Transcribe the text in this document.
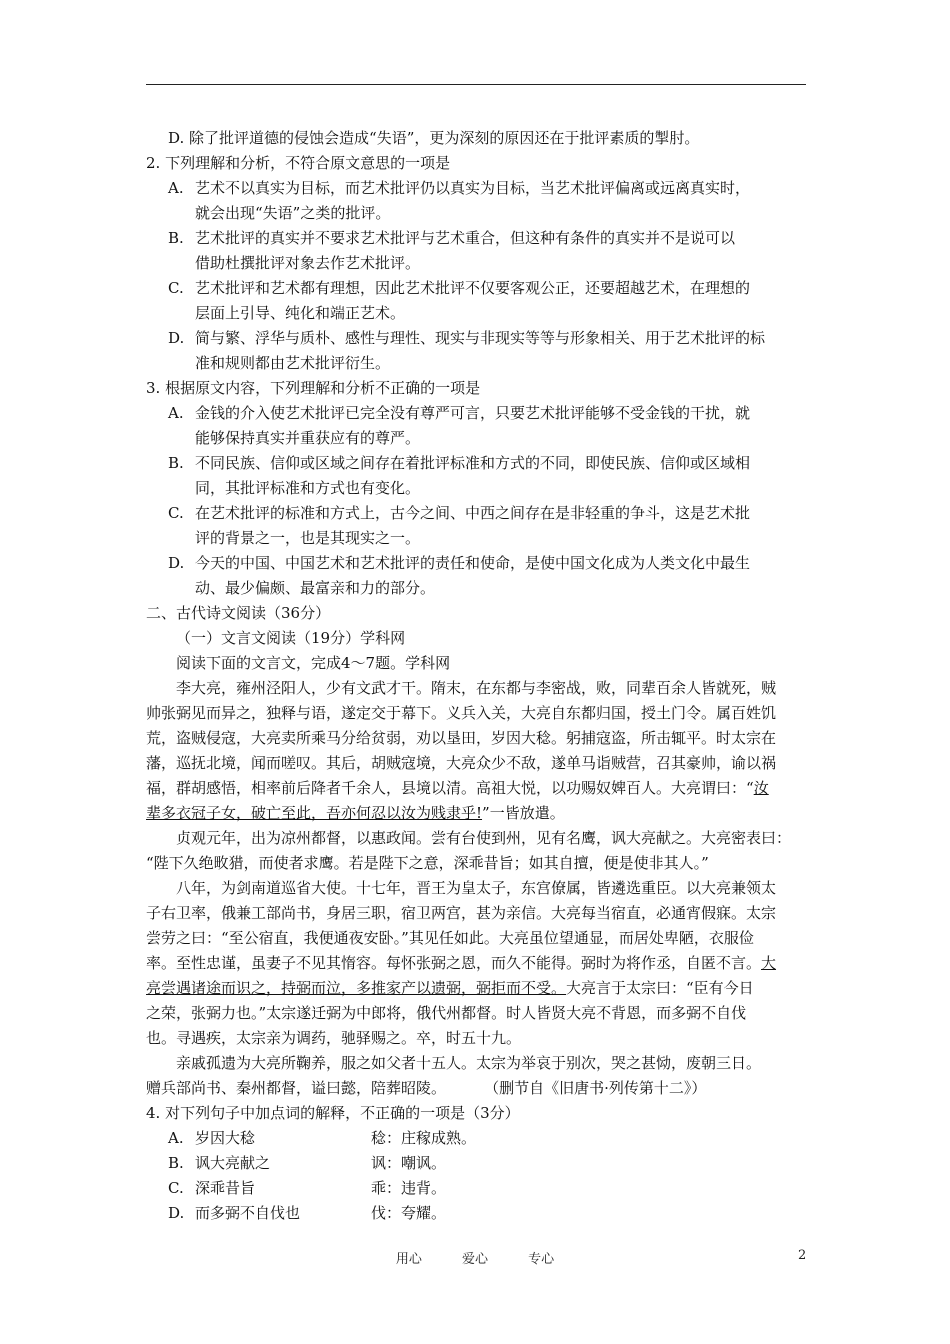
D. 除了批评道德的侵蚀会造成“失语”，更为深刻的原因还在于批评素质的掣肘。
2. 下列理解和分析，不符合原文意思的一项是
A. 艺术不以真实为目标，而艺术批评仍以真实为目标，当艺术批评偏离或远离真实时，
就会出现“失语”之类的批评。
B. 艺术批评的真实并不要求艺术批评与艺术重合，但这种有条件的真实并不是说可以
借助杜撰批评对象去作艺术批评。
C. 艺术批评和艺术都有理想，因此艺术批评不仅要客观公正，还要超越艺术，在理想的
层面上引导、纯化和端正艺术。
D. 简与繁、浮华与质朴、感性与理性、现实与非现实等等与形象相关、用于艺术批评的标
准和规则都由艺术批评衍生。
3. 根据原文内容，下列理解和分析不正确的一项是
A. 金钱的介入使艺术批评已完全没有尊严可言，只要艺术批评能够不受金钱的干扰，就
能够保持真实并重获应有的尊严。
B. 不同民族、信仰或区域之间存在着批评标准和方式的不同，即使民族、信仰或区域相
同，其批评标准和方式也有变化。
C. 在艺术批评的标准和方式上，古今之间、中西之间存在是非轻重的争斗，这是艺术批
评的背景之一，也是其现实之一。
D. 今天的中国、中国艺术和艺术批评的责任和使命，是使中国文化成为人类文化中最生
动、最少偏颇、最富亲和力的部分。
二、古代诗文阅读（36分）
（一）文言文阅读（19分）学科网
阅读下面的文言文，完成4～7题。学科网
李大亮，雍州泾阳人，少有文武才干。隋末，在东都与李密战，败，同辈百余人皆就死，贼
帅张弼见而异之，独释与语，遂定交于幕下。义兵入关，大亮自东都归国，授土门令。属百姓饥
荒，盗贼侵寇，大亮卖所乘马分给贫弱，劝以垦田，岁因大稔。躬捕寇盗，所击辄平。时太宗在
藩，巡抚北境，闻而嗟叹。其后，胡贼寇境，大亮众少不敌，遂单马诣贼营，召其豪帅，谕以祸
福，群胡感悟，相率前后降者千余人，县境以清。高祖大悦，以功赐奴婢百人。大亮谓曰：“汝
辈多衣冠子女，破亡至此，吾亦何忍以汝为贱隶乎!”一皆放遣。
贞观元年，出为凉州都督，以惠政闻。尝有台使到州，见有名鹰，讽大亮献之。大亮密表曰：
“陛下久绝畋猎，而使者求鹰。若是陛下之意，深乖昔旨；如其自擅，便是使非其人。”
八年，为剑南道巡省大使。十七年，晋王为皇太子，东宫僚属，皆遴选重臣。以大亮兼领太
子右卫率，俄兼工部尚书，身居三职，宿卫两宫，甚为亲信。大亮每当宿直，必通宵假寐。太宗
尝劳之曰：“至公宿直，我便通夜安卧。”其见任如此。大亮虽位望通显，而居处卑陋，衣服俭
率。至性忠谨，虽妻子不见其惰容。每怀张弼之恩，而久不能得。弼时为将作丞，自匿不言。大
亮尝遇诸途而识之，持弼而泣，多推家产以遗弼，弼拒而不受。大亮言于太宗曰：“臣有今日
之荣，张弼力也。”太宗遂迁弼为中郎将，俄代州都督。时人皆贤大亮不背恩，而多弼不自伐
也。寻遇疾，太宗亲为调药，驰驿赐之。卒，时五十九。
亲戚孤遗为大亮所鞠养，服之如父者十五人。太宗为举哀于别次，哭之甚恸，废朝三日。
赠兵部尚书、秦州都督，谥曰懿，陪葬昭陵。        （删节自《旧唐书·列传第十二》）
4. 对下列句子中加点词的解释，不正确的一项是（3分）
A. 岁因大稔	稔：庄稼成熟。
B. 讽大亮献之	讽：嘲讽。
C. 深乖昔旨	乖：违背。
D. 而多弼不自伐也	伐：夸耀。
用心	爱心	专心	2
